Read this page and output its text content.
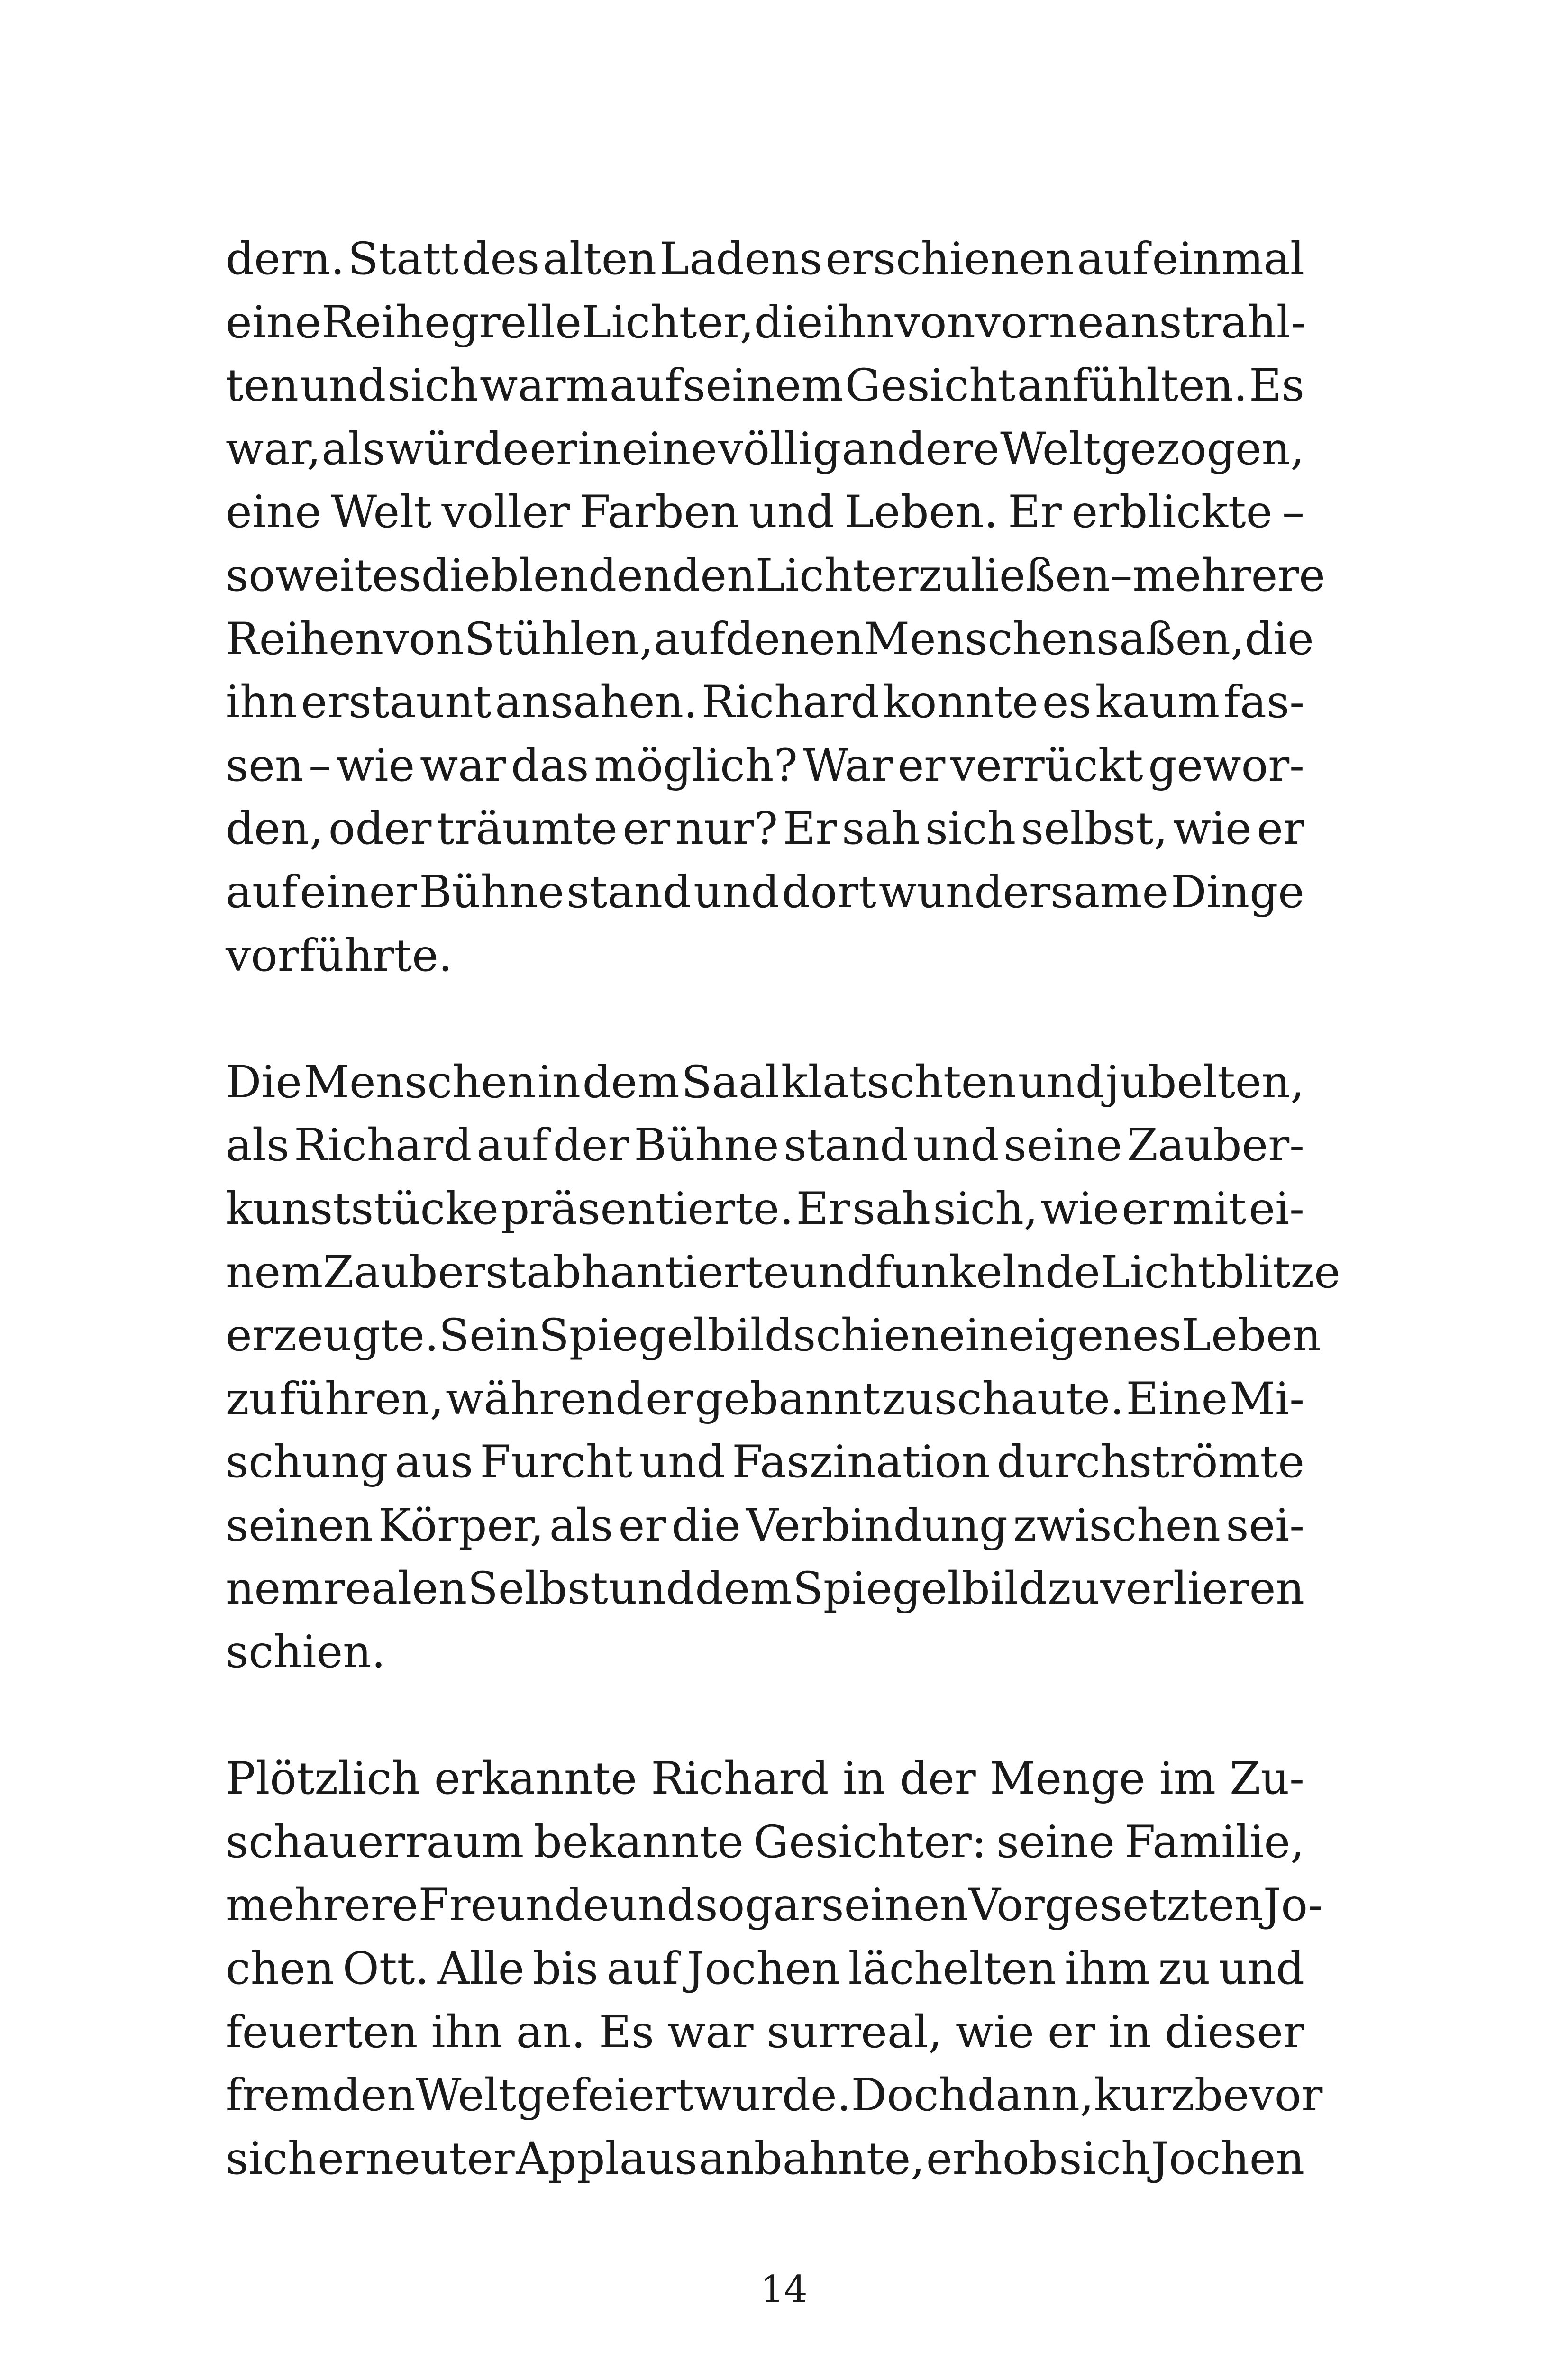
dern. Statt des alten Ladens erschienen auf einmal
eine Reihe grelle Lichter, die ihn von vorne anstrahl-
ten und sich warm auf seinem Gesicht anfühlten. Es
war, als würde er in eine völlig andere Welt gezogen,
eine Welt voller Farben und Leben. Er erblickte –
soweit es die blendenden Lichter zuließen – mehrere
Reihen von Stühlen, auf denen Menschen saßen, die
ihn erstaunt ansahen. Richard konnte es kaum fas-
sen – wie war das möglich? War er verrückt gewor-
den, oder träumte er nur? Er sah sich selbst, wie er
auf einer Bühne stand und dort wundersame Dinge
vorführte.
Die Menschen in dem Saal klatschten und jubelten,
als Richard auf der Bühne stand und seine Zauber-
kunststücke präsentierte. Er sah sich, wie er mit ei-
nem Zauberstab hantierte und funkelnde Lichtblitze
erzeugte. Sein Spiegelbild schien ein eigenes Leben
zu führen, während er gebannt zuschaute. Eine Mi-
schung aus Furcht und Faszination durchströmte
seinen Körper, als er die Verbindung zwischen sei-
nem realen Selbst und dem Spiegelbild zu verlieren
schien.
Plötzlich erkannte Richard in der Menge im Zu-
schauerraum bekannte Gesichter: seine Familie,
mehrere Freunde und sogar seinen Vorgesetzten Jo-
chen Ott. Alle bis auf Jochen lächelten ihm zu und
feuerten ihn an. Es war surreal, wie er in dieser
fremden Welt gefeiert wurde. Doch dann, kurz bevor
sich erneuter Applaus anbahnte, erhob sich Jochen
14
